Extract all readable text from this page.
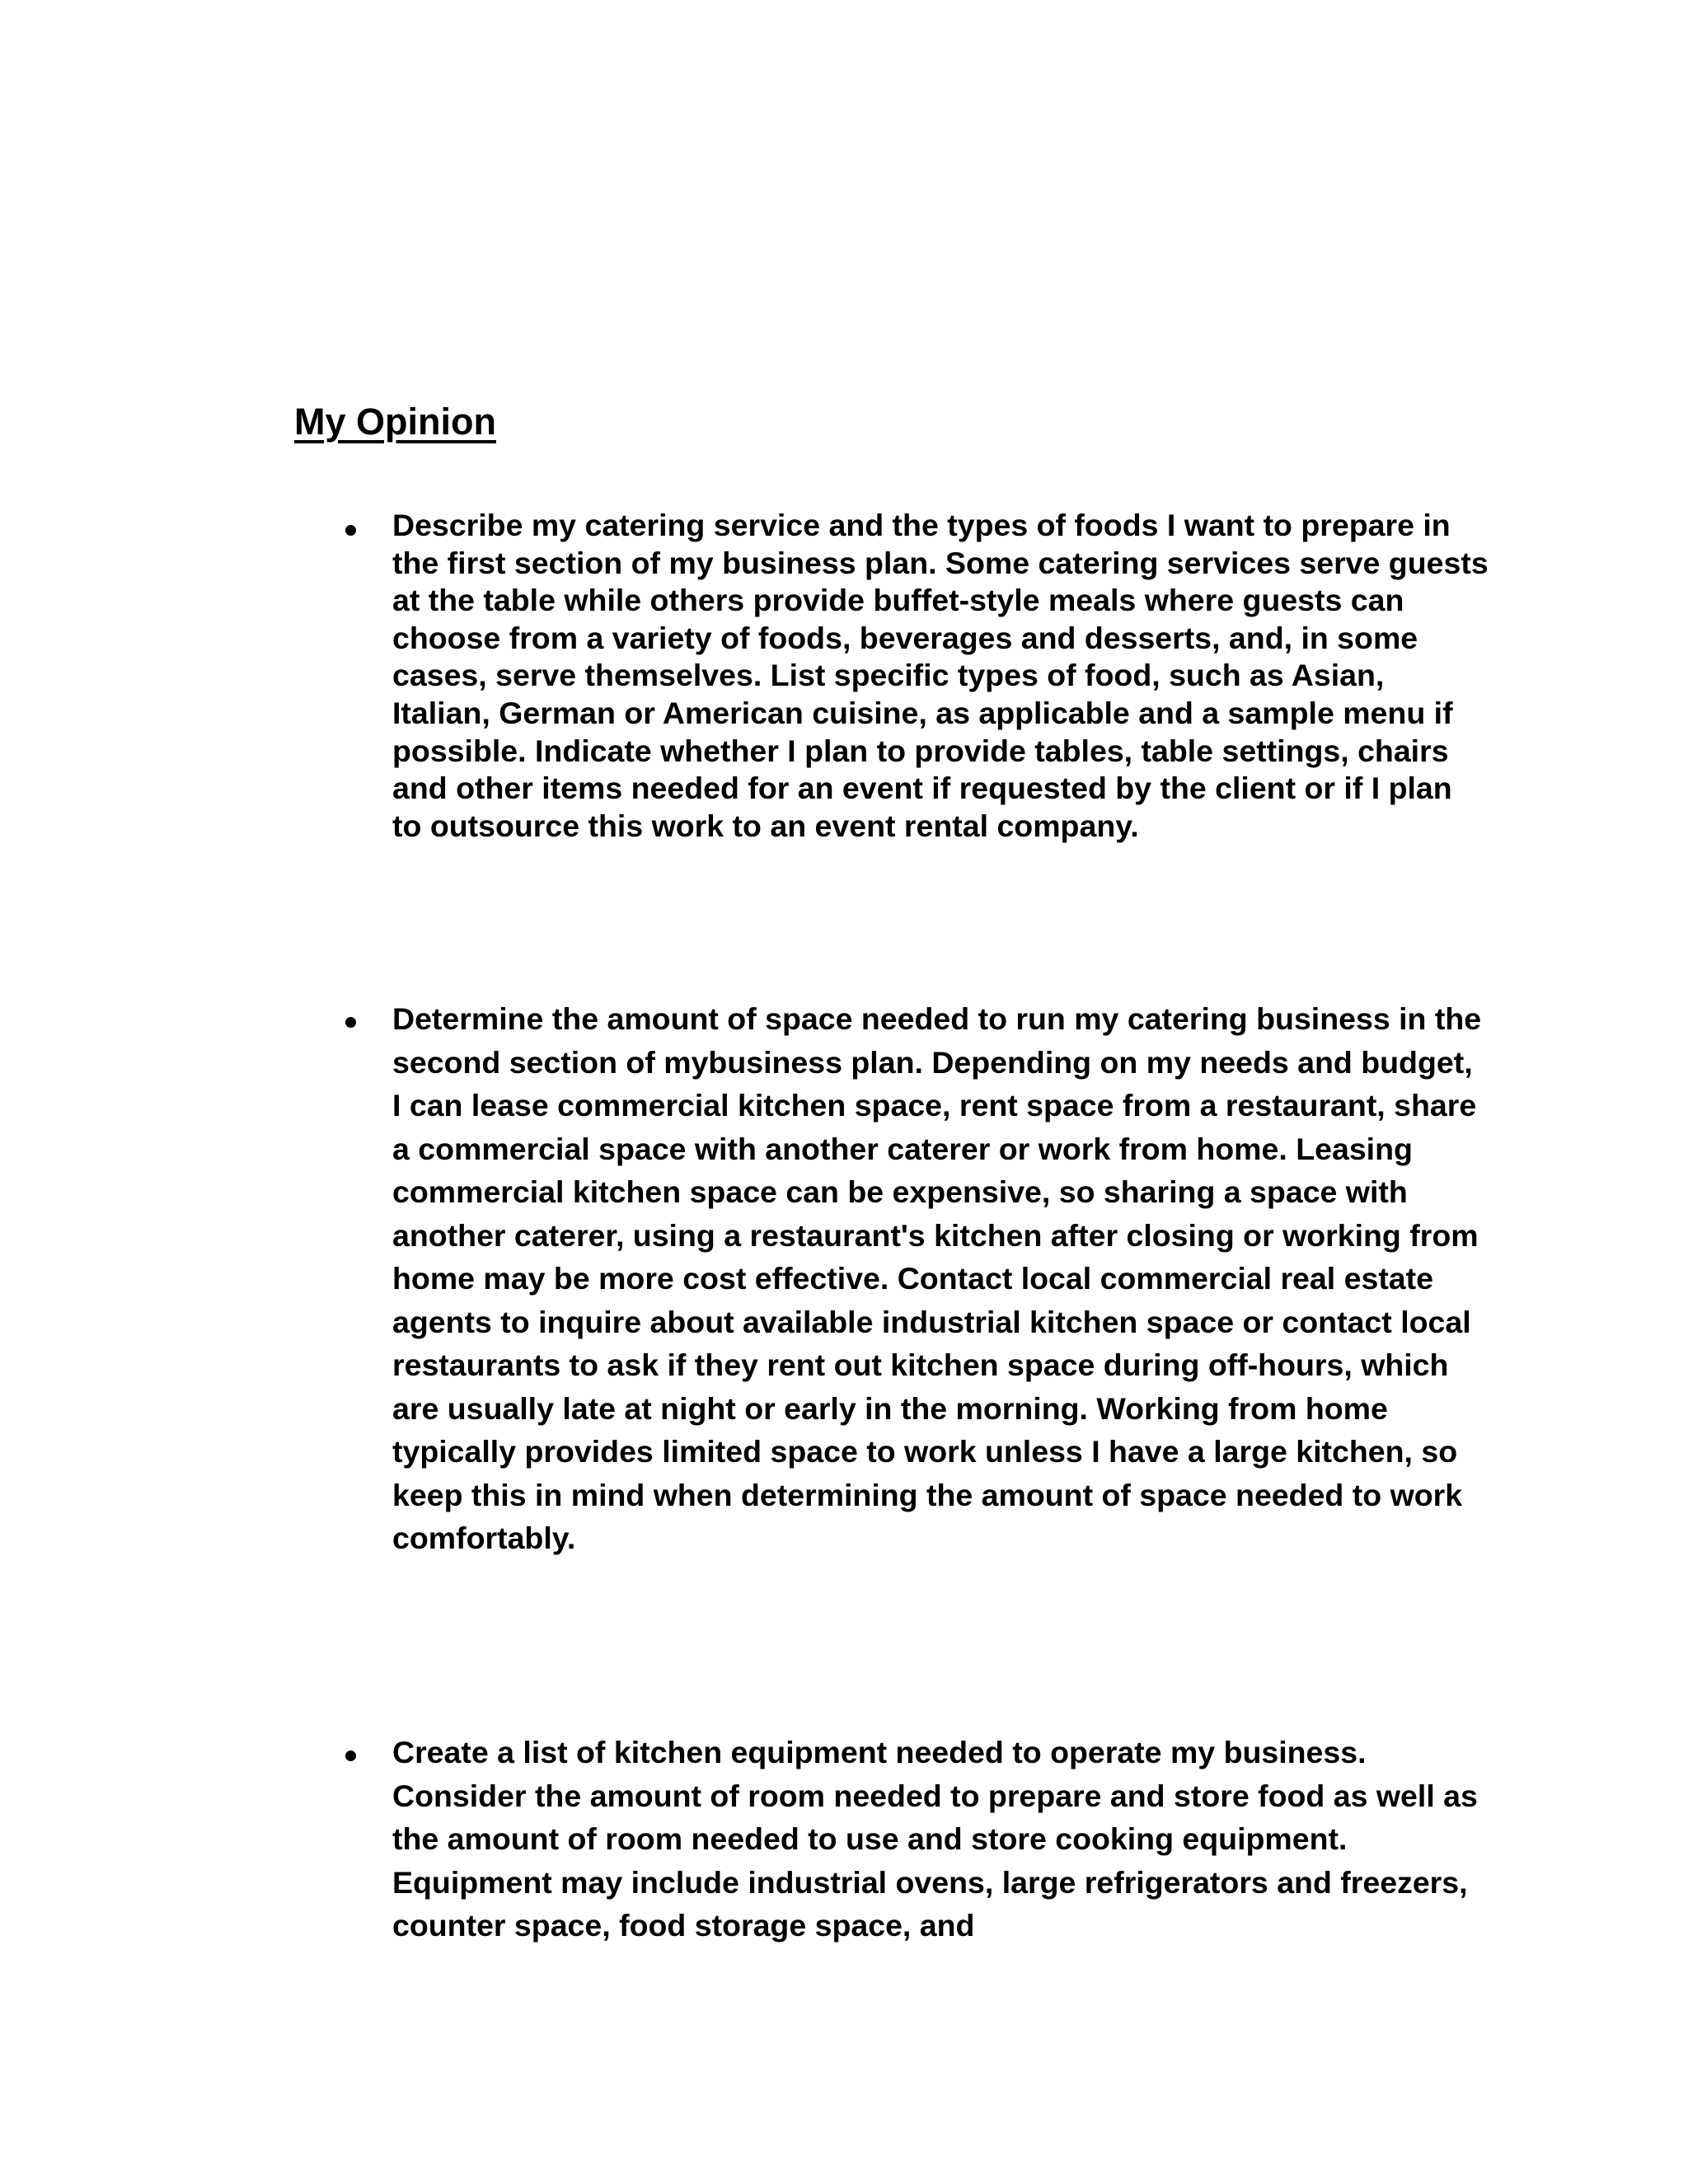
My Opinion

Describe my catering service and the types of foods I want to prepare in the first section of my business plan. Some catering services serve guests at the table while others provide buffet-style meals where guests can choose from a variety of foods, beverages and desserts, and, in some cases, serve themselves. List specific types of food, such as Asian, Italian, German or American cuisine, as applicable and a sample menu if possible. Indicate whether I plan to provide tables, table settings, chairs and other items needed for an event if requested by the client or if I plan to outsource this work to an event rental company.

Determine the amount of space needed to run my catering business in the second section of mybusiness plan. Depending on my needs and budget, I can lease commercial kitchen space, rent space from a restaurant, share a commercial space with another caterer or work from home. Leasing commercial kitchen space can be expensive, so sharing a space with another caterer, using a restaurant's kitchen after closing or working from home may be more cost effective. Contact local commercial real estate agents to inquire about available industrial kitchen space or contact local restaurants to ask if they rent out kitchen space during off-hours, which are usually late at night or early in the morning. Working from home typically provides limited space to work unless I have a large kitchen, so keep this in mind when determining the amount of space needed to work comfortably.

Create a list of kitchen equipment needed to operate my business. Consider the amount of room needed to prepare and store food as well as the amount of room needed to use and store cooking equipment. Equipment may include industrial ovens, large refrigerators and freezers, counter space, food storage space, and
